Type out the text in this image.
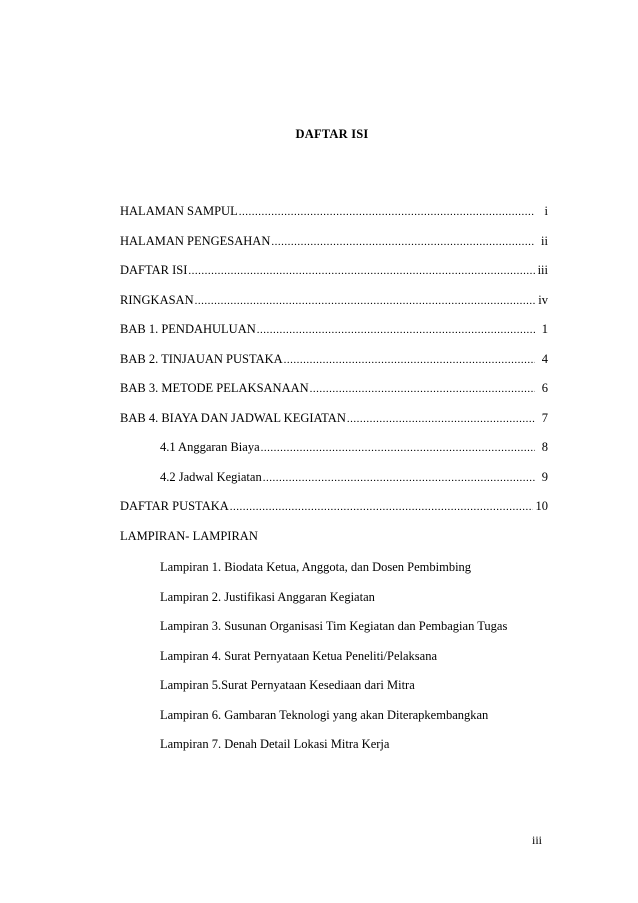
DAFTAR ISI
HALAMAN SAMPUL .....	i
HALAMAN PENGESAHAN .....	ii
DAFTAR ISI .....	iii
RINGKASAN .....	iv
BAB 1. PENDAHULUAN .....	1
BAB 2. TINJAUAN PUSTAKA .....	4
BAB 3. METODE PELAKSANAAN .....	6
BAB 4. BIAYA DAN JADWAL KEGIATAN .....	7
4.1 Anggaran Biaya .....	8
4.2 Jadwal Kegiatan .....	9
DAFTAR PUSTAKA .....	10
LAMPIRAN- LAMPIRAN
Lampiran 1. Biodata Ketua, Anggota, dan Dosen Pembimbing
Lampiran 2. Justifikasi Anggaran Kegiatan
Lampiran 3. Susunan Organisasi Tim Kegiatan dan Pembagian Tugas
Lampiran 4. Surat Pernyataan Ketua Peneliti/Pelaksana
Lampiran 5.Surat Pernyataan Kesediaan dari Mitra
Lampiran 6. Gambaran Teknologi yang akan Diterapkembangkan
Lampiran 7. Denah Detail Lokasi Mitra Kerja
iii
